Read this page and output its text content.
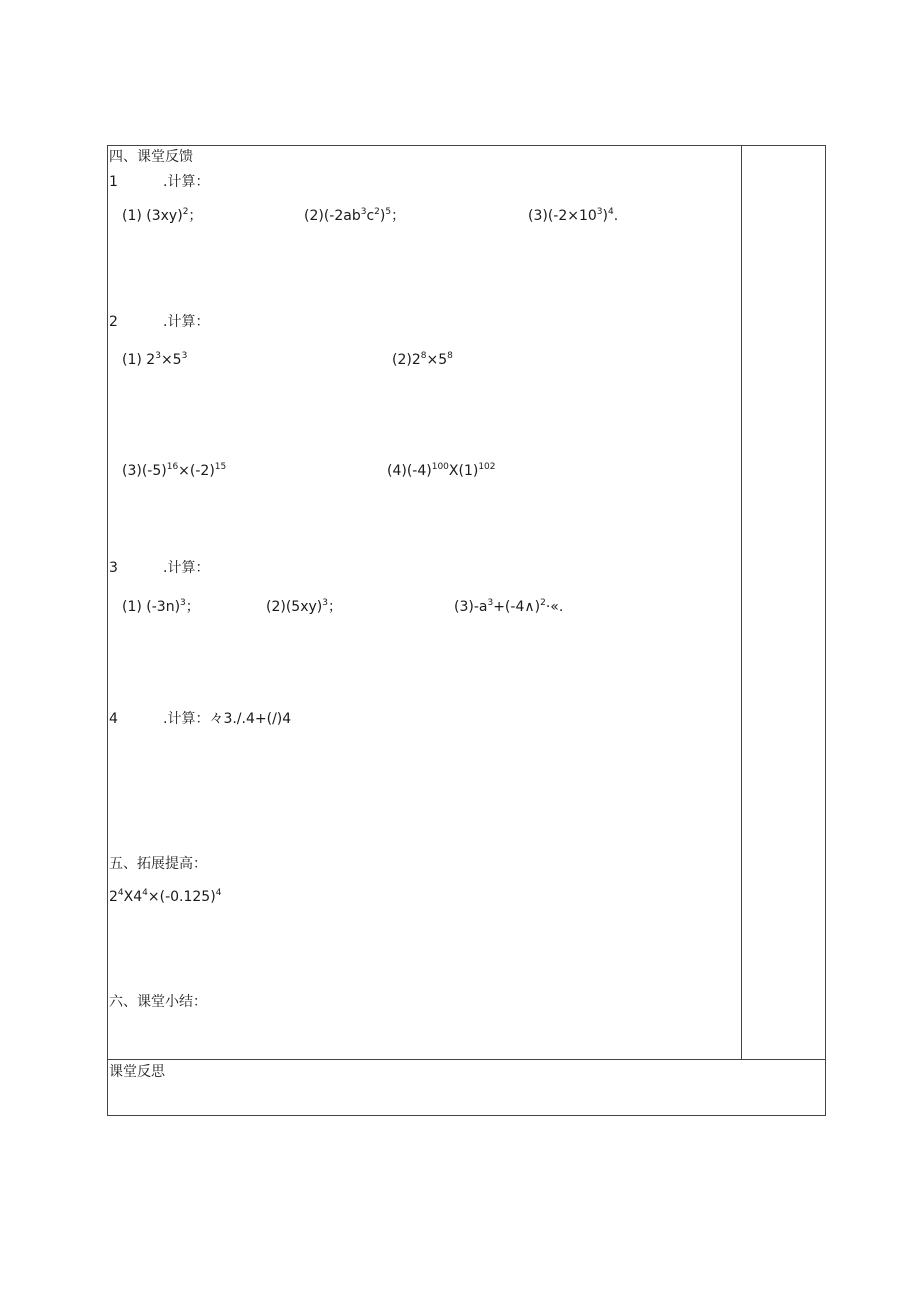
四、课堂反馈
1	.计算：
(1) $(3xy)^2$；	$(2)(-2ab^3c^2)^5$；	$(3)(-2\times 10^3)^4$.
2	.计算：
(1) $2^3\times 5^3$	$(2)2^8\times 5^8$
$(3)(-5)^{16}\times(-2)^{15}$	$(4)(-4)^{100}X(1)^{102}$
3	.计算：
(1) $(-3n)^3$；	$(2)(5xy)^3$；	$(3)-a^3+(-4\wedge)^2\cdot«$.
4	.计算：々3./.4+(/)4
五、拓展提高：
$2^4X4^4\times(-0.125)^4$
六、课堂小结：
课堂反思
